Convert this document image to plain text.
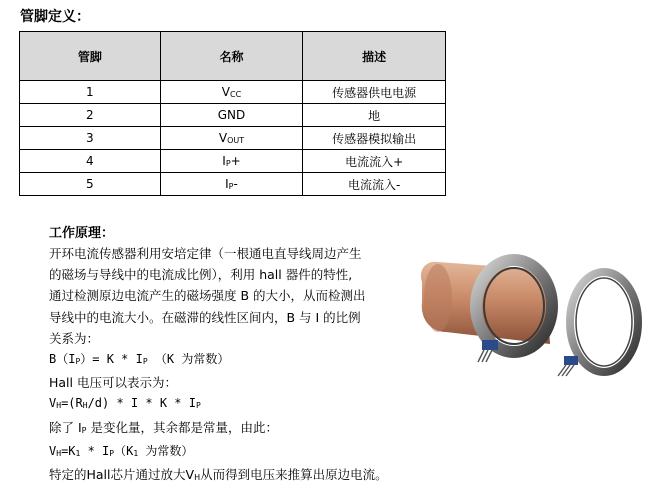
管脚定义：
管脚	名称	描述
1	VCC	传感器供电电源
2	GND	地
3	VOUT	传感器模拟输出
4	IP+	电流流入+
5	IP-	电流流入-
工作原理：
开环电流传感器利用安培定律（一根通电直导线周边产生
的磁场与导线中的电流成比例），利用 hall 器件的特性,
通过检测原边电流产生的磁场强度 B 的大小，从而检测出
导线中的电流大小。在磁滞的线性区间内，B 与 I 的比例
关系为：
B（IP）= K * IP （K 为常数）
Hall 电压可以表示为：
VH=(RH/d) * I * K * IP
除了 IP 是变化量，其余都是常量，由此：
VH=K1 * IP（K1 为常数）
特定的Hall芯片通过放大VH从而得到电压来推算出原边电流。
